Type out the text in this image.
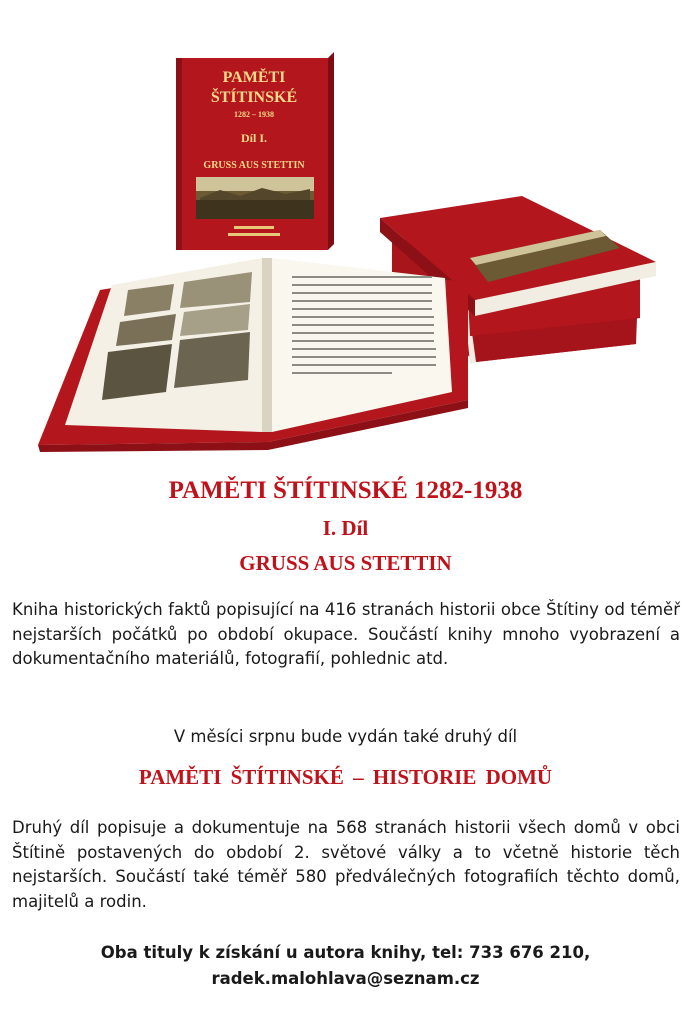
PAMĚTI
ŠTÍTINSKÉ
1282 – 1938
Díl I.
GRUSS AUS STETTIN
PAMĚTI ŠTÍTINSKÉ 1282-1938
I. Díl
GRUSS AUS STETTIN

Kniha historických faktů popisující na 416 stranách historii obce Štítiny od téměř nejstarších počátků po období okupace. Součástí knihy mnoho vyobrazení a dokumentačního materiálů, fotografií, pohlednic atd.

V měsíci srpnu bude vydán také druhý díl

PAMĚTI ŠTÍTINSKÉ – HISTORIE DOMŮ

Druhý díl popisuje a dokumentuje na 568 stranách historii všech domů v obci Štítině postavených do období 2. světové války a to včetně historie těch nejstarších. Součástí také téměř 580 předválečných fotografiích těchto domů, majitelů a rodin.

Oba tituly k získání u autora knihy, tel: 733 676 210,

radek.malohlava@seznam.cz
